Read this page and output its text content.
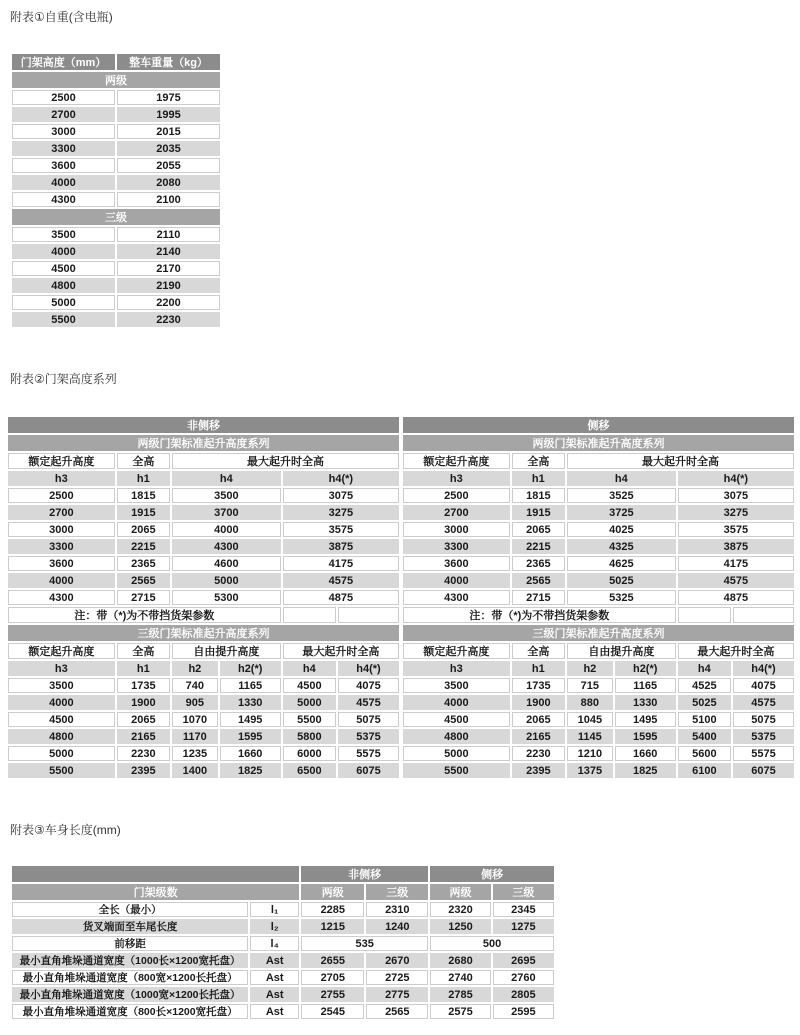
附表①自重(含电瓶)
门架高度（mm）	整车重量（kg）
两级	
2500	1975
2700	1995
3000	2015
3300	2035
3600	2055
4000	2080
4300	2100
三级	
3500	2110
4000	2140
4500	2170
4800	2190
5000	2200
5500	2230
附表②门架高度系列
非侧移					
两级门架标准起升高度系列					
额定起升高度	全高	最大起升时全高			
h3	h1	h4		h4(*)	
2500	1815	3500		3075	
2700	1915	3700		3275	
3000	2065	4000		3575	
3300	2215	4300		3875	
3600	2365	4600		4175	
4000	2565	5000		4575	
4300	2715	5300		4875	
注：带（*)为不带挡货架参数					
三级门架标准起升高度系列					
额定起升高度	全高	自由提升高度		最大起升时全高	
h3	h1	h2	h2(*)	h4	h4(*)
3500	1735	740	1165	4500	4075
4000	1900	905	1330	5000	4575
4500	2065	1070	1495	5500	5075
4800	2165	1170	1595	5800	5375
5000	2230	1235	1660	6000	5575
5500	2395	1400	1825	6500	6075
侧移					
两级门架标准起升高度系列					
额定起升高度	全高	最大起升时全高			
h3	h1	h4		h4(*)	
2500	1815	3525		3075	
2700	1915	3725		3275	
3000	2065	4025		3575	
3300	2215	4325		3875	
3600	2365	4625		4175	
4000	2565	5025		4575	
4300	2715	5325		4875	
注：带（*)为不带挡货架参数					
三级门架标准起升高度系列					
额定起升高度	全高	自由提升高度		最大起升时全高	
h3	h1	h2	h2(*)	h4	h4(*)
3500	1735	715	1165	4525	4075
4000	1900	880	1330	5025	4575
4500	2065	1045	1495	5100	5075
4800	2165	1145	1595	5400	5375
5000	2230	1210	1660	5600	5575
5500	2395	1375	1825	6100	6075
附表③车身长度(mm)
		非侧移		侧移	
门架级数		两级	三级	两级	三级
全长（最小）	l₁	2285	2310	2320	2345
货叉端面至车尾长度	l₂	1215	1240	1250	1275
前移距	l₄	535		500	
最小直角堆垛通道宽度（1000长×1200宽托盘）	Ast	2655	2670	2680	2695
最小直角堆垛通道宽度（800宽×1200长托盘）	Ast	2705	2725	2740	2760
最小直角堆垛通道宽度（1000宽×1200长托盘）	Ast	2755	2775	2785	2805
最小直角堆垛通道宽度（800长×1200宽托盘）	Ast	2545	2565	2575	2595
